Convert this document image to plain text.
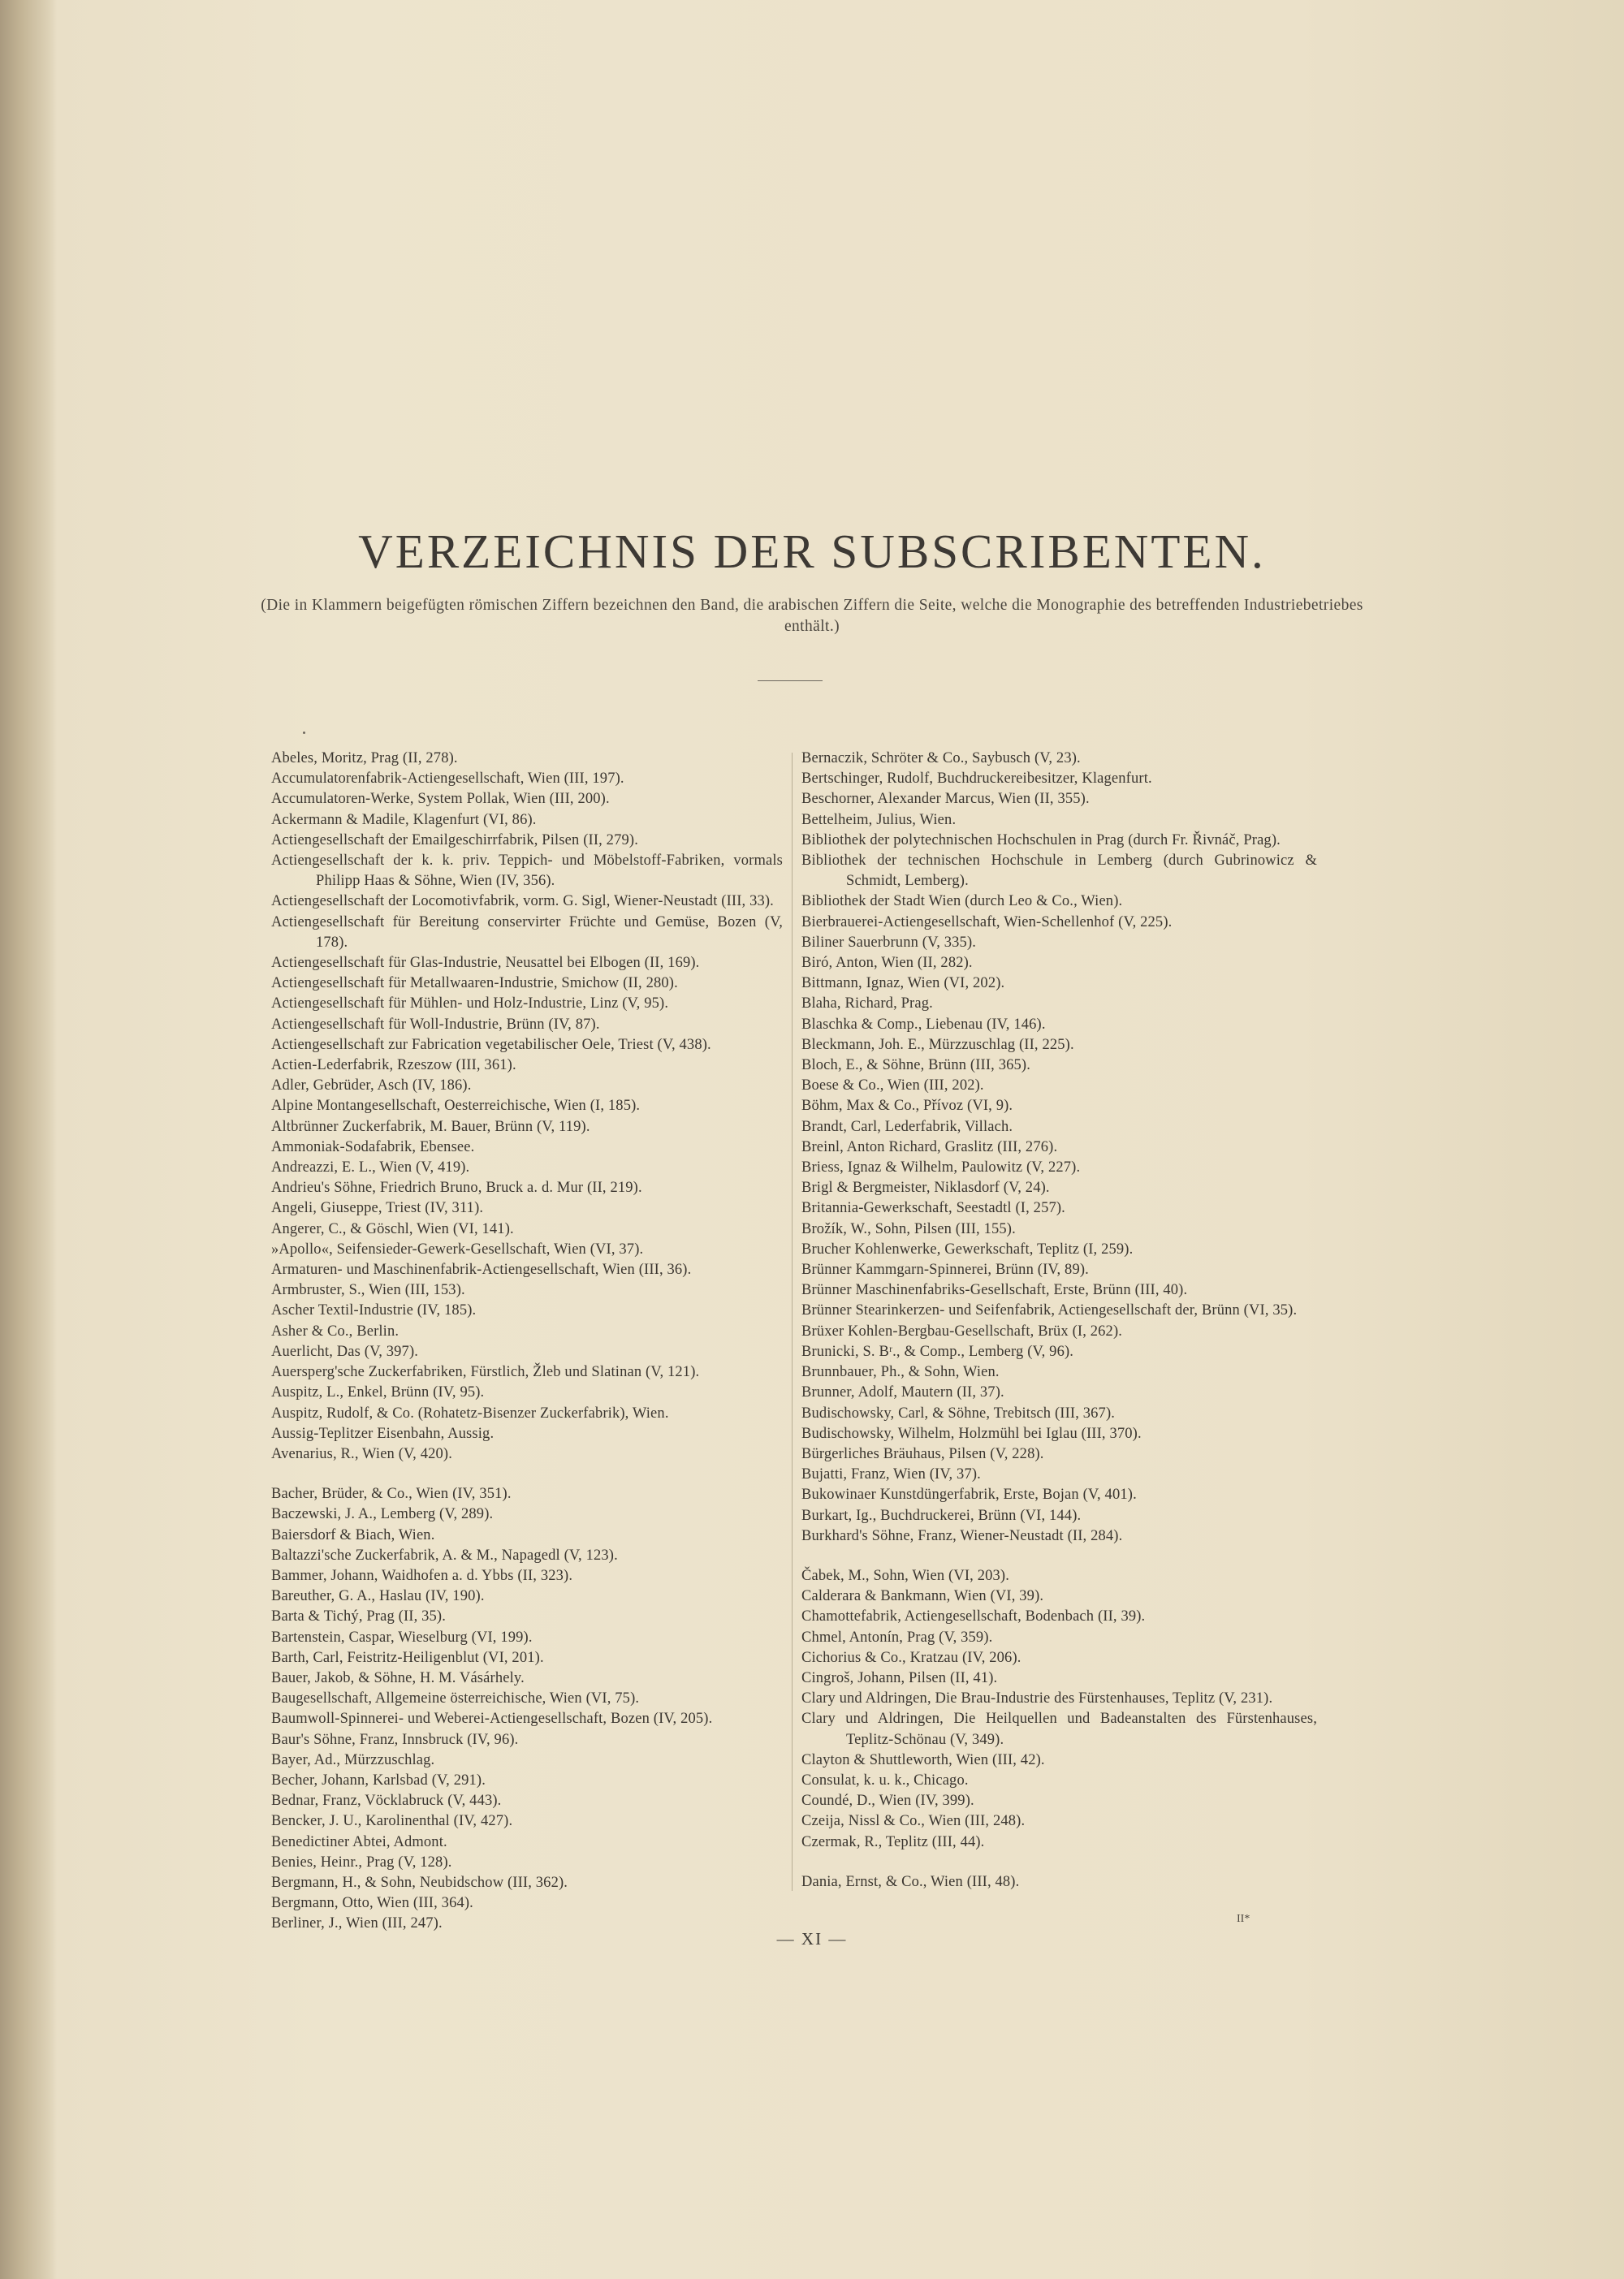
VERZEICHNIS DER SUBSCRIBENTEN.

(Die in Klammern beigefügten römischen Ziffern bezeichnen den Band, die arabischen Ziffern die Seite, welche die Monographie des betreffenden Industriebetriebes enthält.)

Abeles, Moritz, Prag (II, 278).

Accumulatorenfabrik-Actiengesellschaft, Wien (III, 197).

Accumulatoren-Werke, System Pollak, Wien (III, 200).

Ackermann & Madile, Klagenfurt (VI, 86).

Actiengesellschaft der Emailgeschirrfabrik, Pilsen (II, 279).

Actiengesellschaft der k. k. priv. Teppich- und Möbelstoff-Fabriken, vormals Philipp Haas & Söhne, Wien (IV, 356).

Actiengesellschaft der Locomotivfabrik, vorm. G. Sigl, Wiener-Neustadt (III, 33).

Actiengesellschaft für Bereitung conservirter Früchte und Gemüse, Bozen (V, 178).

Actiengesellschaft für Glas-Industrie, Neusattel bei Elbogen (II, 169).

Actiengesellschaft für Metallwaaren-Industrie, Smichow (II, 280).

Actiengesellschaft für Mühlen- und Holz-Industrie, Linz (V, 95).

Actiengesellschaft für Woll-Industrie, Brünn (IV, 87).

Actiengesellschaft zur Fabrication vegetabilischer Oele, Triest (V, 438).

Actien-Lederfabrik, Rzeszow (III, 361).

Adler, Gebrüder, Asch (IV, 186).

Alpine Montangesellschaft, Oesterreichische, Wien (I, 185).

Altbrünner Zuckerfabrik, M. Bauer, Brünn (V, 119).

Ammoniak-Sodafabrik, Ebensee.

Andreazzi, E. L., Wien (V, 419).

Andrieu's Söhne, Friedrich Bruno, Bruck a. d. Mur (II, 219).

Angeli, Giuseppe, Triest (IV, 311).

Angerer, C., & Göschl, Wien (VI, 141).

»Apollo«, Seifensieder-Gewerk-Gesellschaft, Wien (VI, 37).

Armaturen- und Maschinenfabrik-Actiengesellschaft, Wien (III, 36).

Armbruster, S., Wien (III, 153).

Ascher Textil-Industrie (IV, 185).

Asher & Co., Berlin.

Auerlicht, Das (V, 397).

Auersperg'sche Zuckerfabriken, Fürstlich, Žleb und Slatinan (V, 121).

Auspitz, L., Enkel, Brünn (IV, 95).

Auspitz, Rudolf, & Co. (Rohatetz-Bisenzer Zuckerfabrik), Wien.

Aussig-Teplitzer Eisenbahn, Aussig.

Avenarius, R., Wien (V, 420).

Bacher, Brüder, & Co., Wien (IV, 351).

Baczewski, J. A., Lemberg (V, 289).

Baiersdorf & Biach, Wien.

Baltazzi'sche Zuckerfabrik, A. & M., Napagedl (V, 123).

Bammer, Johann, Waidhofen a. d. Ybbs (II, 323).

Bareuther, G. A., Haslau (IV, 190).

Barta & Tichý, Prag (II, 35).

Bartenstein, Caspar, Wieselburg (VI, 199).

Barth, Carl, Feistritz-Heiligenblut (VI, 201).

Bauer, Jakob, & Söhne, H. M. Vásárhely.

Baugesellschaft, Allgemeine österreichische, Wien (VI, 75).

Baumwoll-Spinnerei- und Weberei-Actiengesellschaft, Bozen (IV, 205).

Baur's Söhne, Franz, Innsbruck (IV, 96).

Bayer, Ad., Mürzzuschlag.

Becher, Johann, Karlsbad (V, 291).

Bednar, Franz, Vöcklabruck (V, 443).

Bencker, J. U., Karolinenthal (IV, 427).

Benedictiner Abtei, Admont.

Benies, Heinr., Prag (V, 128).

Bergmann, H., & Sohn, Neubidschow (III, 362).

Bergmann, Otto, Wien (III, 364).

Berliner, J., Wien (III, 247).

Bernaczik, Schröter & Co., Saybusch (V, 23).

Bertschinger, Rudolf, Buchdruckereibesitzer, Klagenfurt.

Beschorner, Alexander Marcus, Wien (II, 355).

Bettelheim, Julius, Wien.

Bibliothek der polytechnischen Hochschulen in Prag (durch Fr. Řivnáč, Prag).

Bibliothek der technischen Hochschule in Lemberg (durch Gubrinowicz & Schmidt, Lemberg).

Bibliothek der Stadt Wien (durch Leo & Co., Wien).

Bierbrauerei-Actiengesellschaft, Wien-Schellenhof (V, 225).

Biliner Sauerbrunn (V, 335).

Biró, Anton, Wien (II, 282).

Bittmann, Ignaz, Wien (VI, 202).

Blaha, Richard, Prag.

Blaschka & Comp., Liebenau (IV, 146).

Bleckmann, Joh. E., Mürzzuschlag (II, 225).

Bloch, E., & Söhne, Brünn (III, 365).

Boese & Co., Wien (III, 202).

Böhm, Max & Co., Přívoz (VI, 9).

Brandt, Carl, Lederfabrik, Villach.

Breinl, Anton Richard, Graslitz (III, 276).

Briess, Ignaz & Wilhelm, Paulowitz (V, 227).

Brigl & Bergmeister, Niklasdorf (V, 24).

Britannia-Gewerkschaft, Seestadtl (I, 257).

Brožík, W., Sohn, Pilsen (III, 155).

Brucher Kohlenwerke, Gewerkschaft, Teplitz (I, 259).

Brünner Kammgarn-Spinnerei, Brünn (IV, 89).

Brünner Maschinenfabriks-Gesellschaft, Erste, Brünn (III, 40).

Brünner Stearinkerzen- und Seifenfabrik, Actiengesellschaft der, Brünn (VI, 35).

Brüxer Kohlen-Bergbau-Gesellschaft, Brüx (I, 262).

Brunicki, S. Bʳ., & Comp., Lemberg (V, 96).

Brunnbauer, Ph., & Sohn, Wien.

Brunner, Adolf, Mautern (II, 37).

Budischowsky, Carl, & Söhne, Trebitsch (III, 367).

Budischowsky, Wilhelm, Holzmühl bei Iglau (III, 370).

Bürgerliches Bräuhaus, Pilsen (V, 228).

Bujatti, Franz, Wien (IV, 37).

Bukowinaer Kunstdüngerfabrik, Erste, Bojan (V, 401).

Burkart, Ig., Buchdruckerei, Brünn (VI, 144).

Burkhard's Söhne, Franz, Wiener-Neustadt (II, 284).

Čabek, M., Sohn, Wien (VI, 203).

Calderara & Bankmann, Wien (VI, 39).

Chamottefabrik, Actiengesellschaft, Bodenbach (II, 39).

Chmel, Antonín, Prag (V, 359).

Cichorius & Co., Kratzau (IV, 206).

Cingroš, Johann, Pilsen (II, 41).

Clary und Aldringen, Die Brau-Industrie des Fürstenhauses, Teplitz (V, 231).

Clary und Aldringen, Die Heilquellen und Badeanstalten des Fürstenhauses, Teplitz-Schönau (V, 349).

Clayton & Shuttleworth, Wien (III, 42).

Consulat, k. u. k., Chicago.

Coundé, D., Wien (IV, 399).

Czeija, Nissl & Co., Wien (III, 248).

Czermak, R., Teplitz (III, 44).

Dania, Ernst, & Co., Wien (III, 48).

— XI —
II*
